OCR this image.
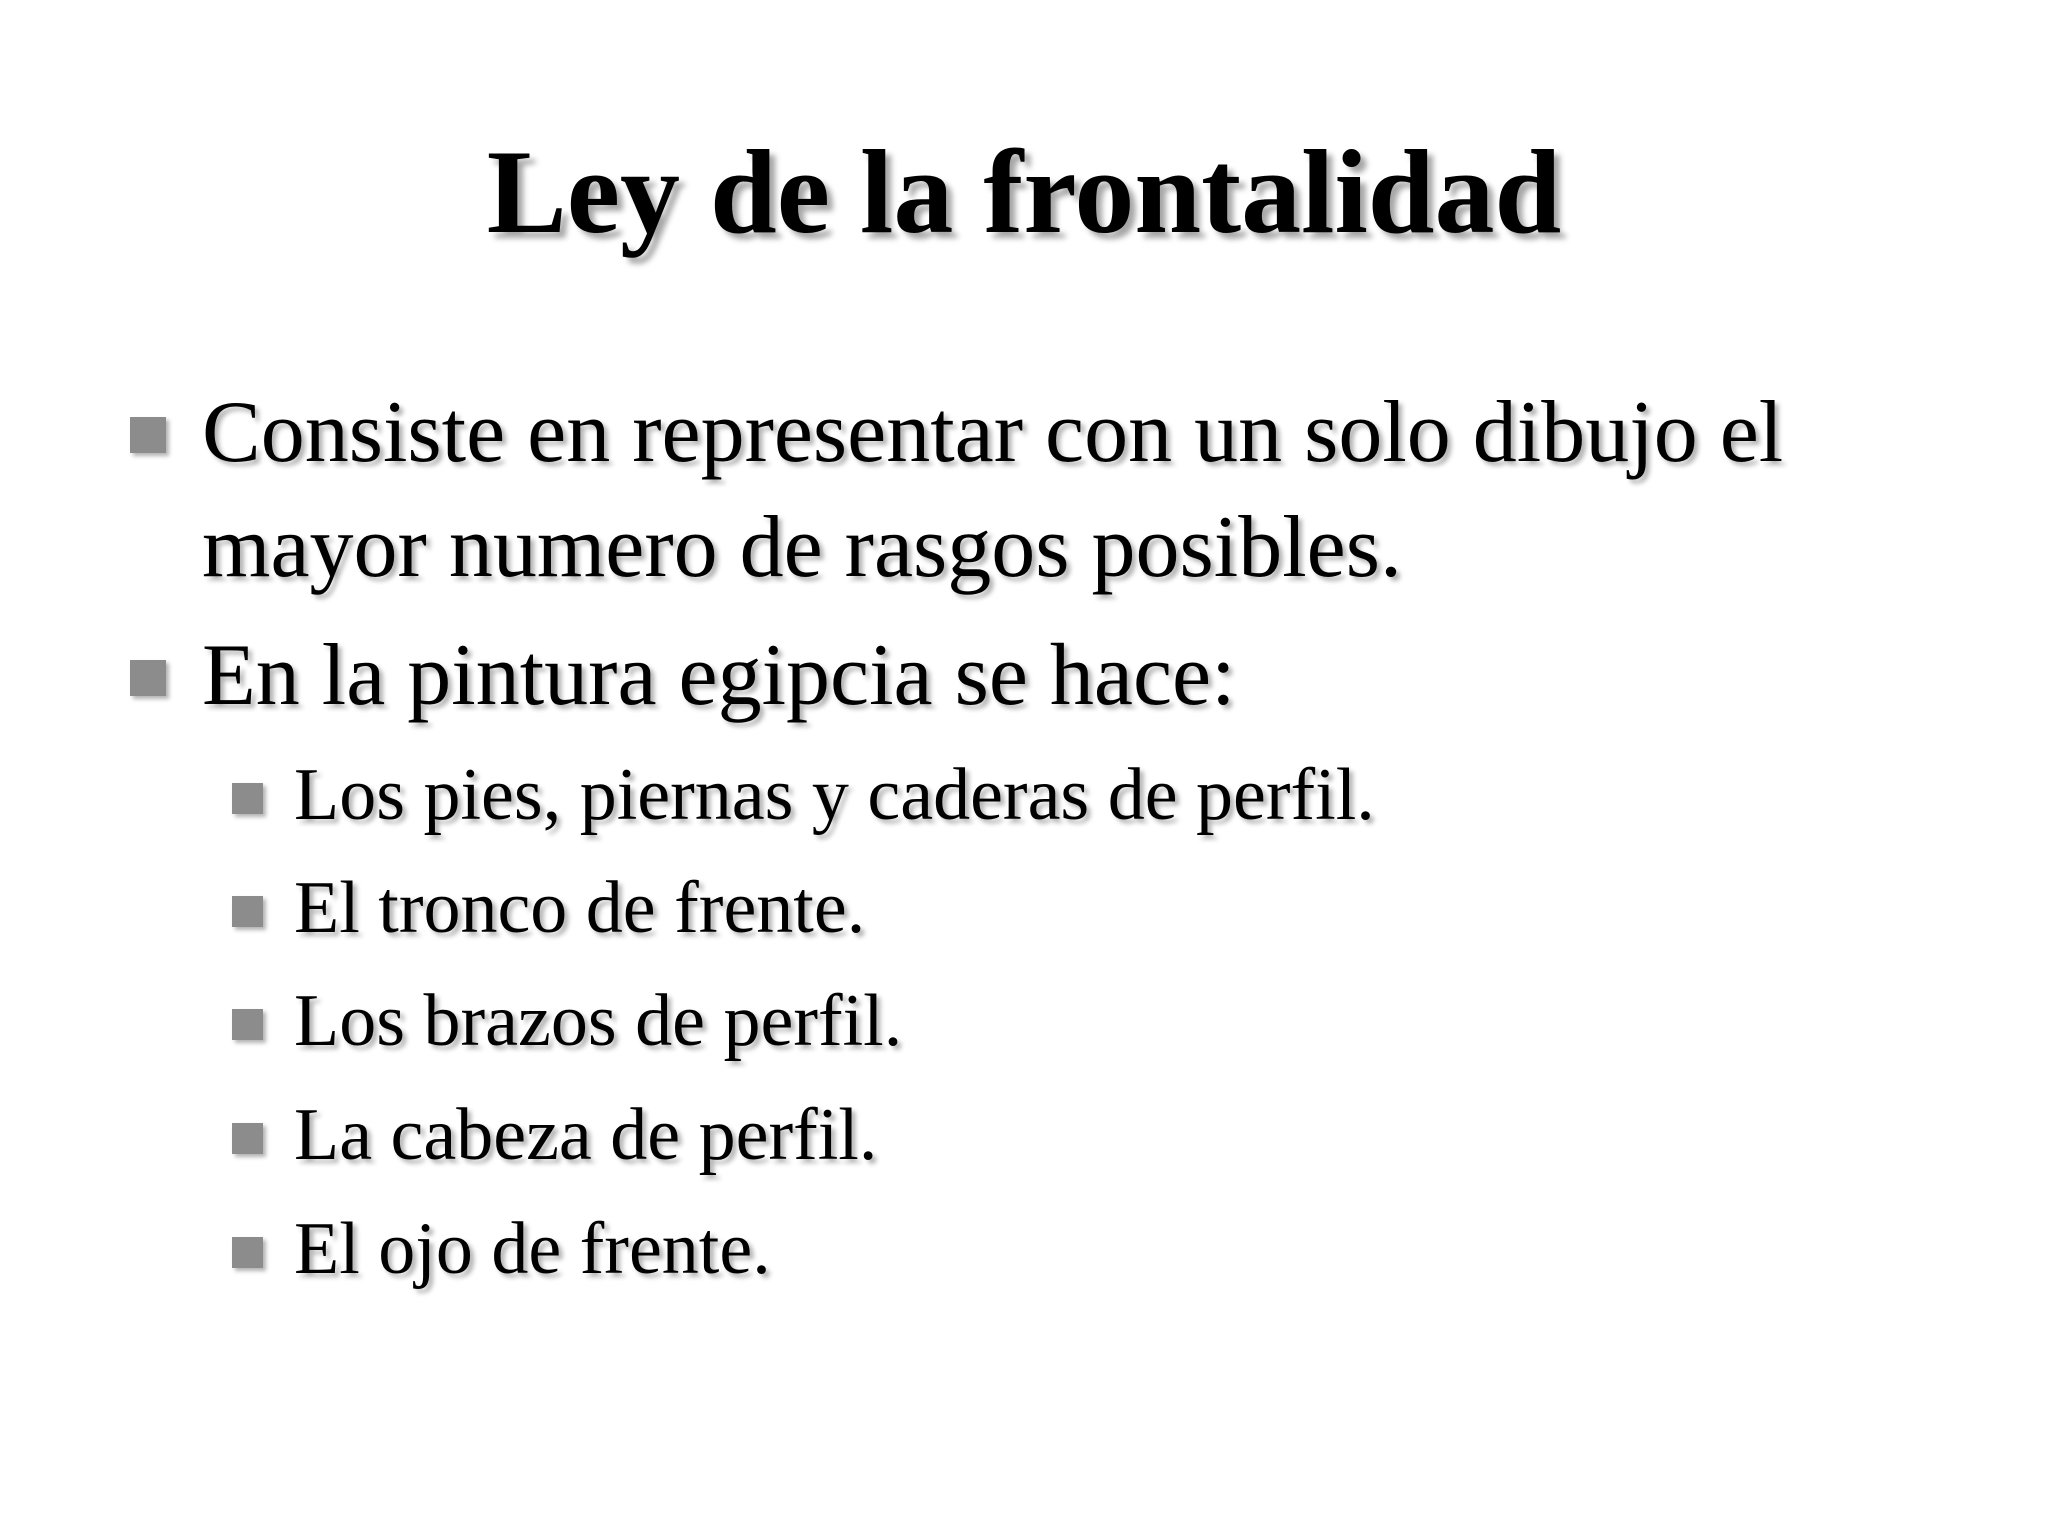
Ley de la frontalidad
Consiste en representar con un solo dibujo el
mayor numero de rasgos posibles.
En la pintura egipcia se hace:
Los pies, piernas y caderas de perfil.
El tronco de frente.
Los brazos de perfil.
La cabeza de perfil.
El ojo de frente.
